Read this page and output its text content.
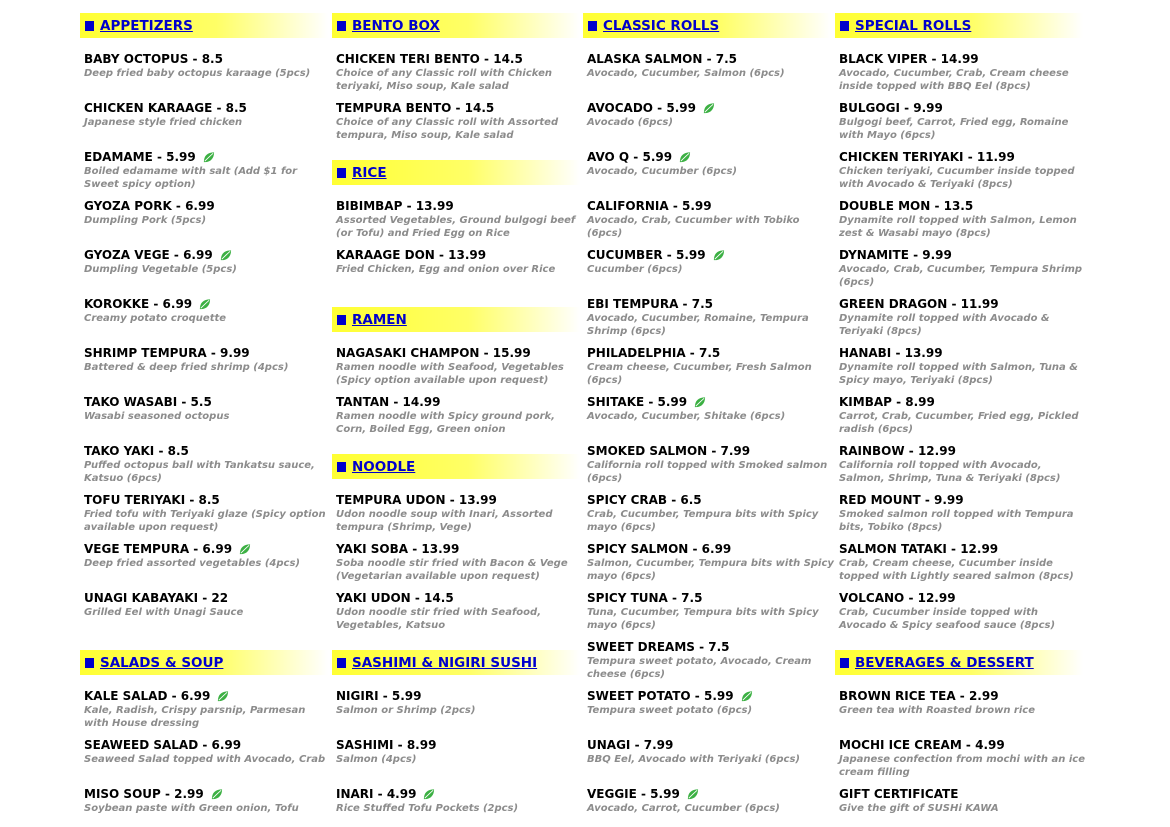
APPETIZERS
BABY OCTOPUS - 8.5
Deep fried baby octopus karaage (5pcs)
CHICKEN KARAAGE - 8.5
Japanese style fried chicken
EDAMAME - 5.99
Boiled edamame with salt (Add $1 for Sweet spicy option)
GYOZA PORK - 6.99
Dumpling Pork (5pcs)
GYOZA VEGE - 6.99
Dumpling Vegetable (5pcs)
KOROKKE - 6.99
Creamy potato croquette
SHRIMP TEMPURA - 9.99
Battered & deep fried shrimp (4pcs)
TAKO WASABI - 5.5
Wasabi seasoned octopus
TAKO YAKI - 8.5
Puffed octopus ball with Tankatsu sauce, Katsuo (6pcs)
TOFU TERIYAKI - 8.5
Fried tofu with Teriyaki glaze (Spicy option available upon request)
VEGE TEMPURA - 6.99
Deep fried assorted vegetables (4pcs)
UNAGI KABAYAKI - 22
Grilled Eel with Unagi Sauce
SALADS & SOUP
KALE SALAD - 6.99
Kale, Radish, Crispy parsnip, Parmesan with House dressing
SEAWEED SALAD - 6.99
Seaweed Salad topped with Avocado, Crab
MISO SOUP - 2.99
Soybean paste with Green onion, Tofu
BENTO BOX
CHICKEN TERI BENTO - 14.5
Choice of any Classic roll with Chicken teriyaki, Miso soup, Kale salad
TEMPURA BENTO - 14.5
Choice of any Classic roll with Assorted tempura, Miso soup, Kale salad
RICE
BIBIMBAP - 13.99
Assorted Vegetables, Ground bulgogi beef (or Tofu) and Fried Egg on Rice
KARAAGE DON - 13.99
Fried Chicken, Egg and onion over Rice
RAMEN
NAGASAKI CHAMPON - 15.99
Ramen noodle with Seafood, Vegetables (Spicy option available upon request)
TANTAN - 14.99
Ramen noodle with Spicy ground pork, Corn, Boiled Egg, Green onion
NOODLE
TEMPURA UDON - 13.99
Udon noodle soup with Inari, Assorted tempura (Shrimp, Vege)
YAKI SOBA - 13.99
Soba noodle stir fried with Bacon & Vege (Vegetarian available upon request)
YAKI UDON - 14.5
Udon noodle stir fried with Seafood, Vegetables, Katsuo
SASHIMI & NIGIRI SUSHI
NIGIRI - 5.99
Salmon or Shrimp (2pcs)
SASHIMI - 8.99
Salmon (4pcs)
INARI - 4.99
Rice Stuffed Tofu Pockets (2pcs)
CLASSIC ROLLS
ALASKA SALMON - 7.5
Avocado, Cucumber, Salmon (6pcs)
AVOCADO - 5.99
Avocado (6pcs)
AVO Q - 5.99
Avocado, Cucumber (6pcs)
CALIFORNIA - 5.99
Avocado, Crab, Cucumber with Tobiko (6pcs)
CUCUMBER - 5.99
Cucumber (6pcs)
EBI TEMPURA - 7.5
Avocado, Cucumber, Romaine, Tempura Shrimp (6pcs)
PHILADELPHIA - 7.5
Cream cheese, Cucumber, Fresh Salmon (6pcs)
SHITAKE - 5.99
Avocado, Cucumber, Shitake (6pcs)
SMOKED SALMON - 7.99
California roll topped with Smoked salmon (6pcs)
SPICY CRAB - 6.5
Crab, Cucumber, Tempura bits with Spicy mayo (6pcs)
SPICY SALMON - 6.99
Salmon, Cucumber, Tempura bits with Spicy mayo (6pcs)
SPICY TUNA - 7.5
Tuna, Cucumber, Tempura bits with Spicy mayo (6pcs)
SWEET DREAMS - 7.5
Tempura sweet potato, Avocado, Cream cheese (6pcs)
SWEET POTATO - 5.99
Tempura sweet potato (6pcs)
UNAGI - 7.99
BBQ Eel, Avocado with Teriyaki (6pcs)
VEGGIE - 5.99
Avocado, Carrot, Cucumber (6pcs)
SPECIAL ROLLS
BLACK VIPER - 14.99
Avocado, Cucumber, Crab, Cream cheese inside topped with BBQ Eel (8pcs)
BULGOGI - 9.99
Bulgogi beef, Carrot, Fried egg, Romaine with Mayo (6pcs)
CHICKEN TERIYAKI - 11.99
Chicken teriyaki, Cucumber inside topped with Avocado & Teriyaki (8pcs)
DOUBLE MON - 13.5
Dynamite roll topped with Salmon, Lemon zest & Wasabi mayo (8pcs)
DYNAMITE - 9.99
Avocado, Crab, Cucumber, Tempura Shrimp (6pcs)
GREEN DRAGON - 11.99
Dynamite roll topped with Avocado & Teriyaki (8pcs)
HANABI - 13.99
Dynamite roll topped with Salmon, Tuna & Spicy mayo, Teriyaki (8pcs)
KIMBAP - 8.99
Carrot, Crab, Cucumber, Fried egg, Pickled radish (6pcs)
RAINBOW - 12.99
California roll topped with Avocado, Salmon, Shrimp, Tuna & Teriyaki (8pcs)
RED MOUNT - 9.99
Smoked salmon roll topped with Tempura bits, Tobiko (8pcs)
SALMON TATAKI - 12.99
Crab, Cream cheese, Cucumber inside topped with Lightly seared salmon (8pcs)
VOLCANO - 12.99
Crab, Cucumber inside topped with Avocado & Spicy seafood sauce (8pcs)
BEVERAGES & DESSERT
BROWN RICE TEA - 2.99
Green tea with Roasted brown rice
MOCHI ICE CREAM - 4.99
Japanese confection from mochi with an ice cream filling
GIFT CERTIFICATE
Give the gift of SUSHi KAWA
